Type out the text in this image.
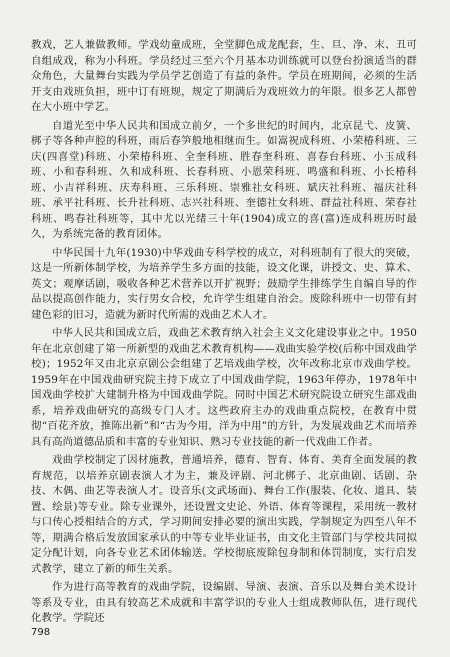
教戏，艺人兼做教师。学戏幼童成班，全堂脚色成龙配套，生、旦、净、末、丑可自组成戏，称为小科班。学员经过三至六个月基本功训练就可以登台扮演适当的群众角色，大量舞台实践为学员学艺创造了有益的条件。学员在班期间，必须的生活开支由戏班负担，班中订有班规，规定了期满后为戏班效力的年限。很多艺人都曾在大小班中学艺。

自道光至中华人民共和国成立前夕，一个多世纪的时间内，北京昆弋、皮簧、梆子等各种声腔的科班，雨后春笋般地相继而生。如嵩祝成科班、小荣椿科班、三庆(四喜堂)科班、小荣椿科班、全奎科班、胜春奎科班、喜春台科班、小玉成科班、小和春科班、久和成科班、长春科班、小恩荣科班、鸣盛和科班、小长椿科班、小吉祥科班、庆寿科班、三乐科班、崇雅社女科班、斌庆社科班、福庆社科班、承平社科班、长升社科班、志兴社科班、奎德社女科班、群益社科班、荣春社科班、鸣春社科班等，其中尤以光绪三十年(1904)成立的喜(富)连成科班历时最久，为系统完备的教育团体。

中华民国十九年(1930)中华戏曲专科学校的成立，对科班制有了很大的突破，这是一所新体制学校，为培养学生多方面的技能，设文化课，讲授文、史、算术、英文；观摩话剧，吸收各种艺术营养以开扩视野；鼓励学生排练学生自编自导的作品以提高创作能力，实行男女合校，允许学生组建自治会。废除科班中一切带有封建色彩的旧习，造就为新时代所需的戏曲艺术人才。

中华人民共和国成立后，戏曲艺术教育纳入社会主义文化建设事业之中。1950年在北京创建了第一所新型的戏曲艺术教育机构——戏曲实验学校(后称中国戏曲学校)；1952年又由北京京剧公会组建了艺培戏曲学校，次年改称北京市戏曲学校。1959年在中国戏曲研究院主持下成立了中国戏曲学院，1963年停办，1978年中国戏曲学校扩大建制升格为中国戏曲学院。同时中国艺术研究院设立研究生部戏曲系，培养戏曲研究的高级专门人才。这些政府主办的戏曲重点院校，在教育中贯彻“百花齐放，推陈出新”和“古为今用，洋为中用”的方针，为发展戏曲艺术而培养具有高尚道德品质和丰富的专业知识、熟习专业技能的新一代戏曲工作者。

戏曲学校制定了因材施教，普通培养，德育、智育、体育、美育全面发展的教育规范，以培养京剧表演人才为主，兼及评剧、河北梆子、北京曲剧、话剧、杂技、木偶、曲艺等表演人才。设音乐(文武场面)、舞台工作(服装、化妆、道具、装置、绘景)等专业。除专业课外，还设置文史论、外语、体育等课程，采用统一教材与口传心授相结合的方式，学习期间安排必要的演出实践，学制规定为四至八年不等，期满合格后发放国家承认的中等专业毕业证书，由文化主管部门与学校共同拟定分配计划，向各专业艺术团体输送。学校彻底废除包身制和体罚制度，实行启发式教学，建立了新的师生关系。

作为进行高等教育的戏曲学院，设编剧、导演、表演、音乐以及舞台美术设计等系及专业，由具有较高艺术成就和丰富学识的专业人士组成教师队伍，进行现代化教学。学院还

798
